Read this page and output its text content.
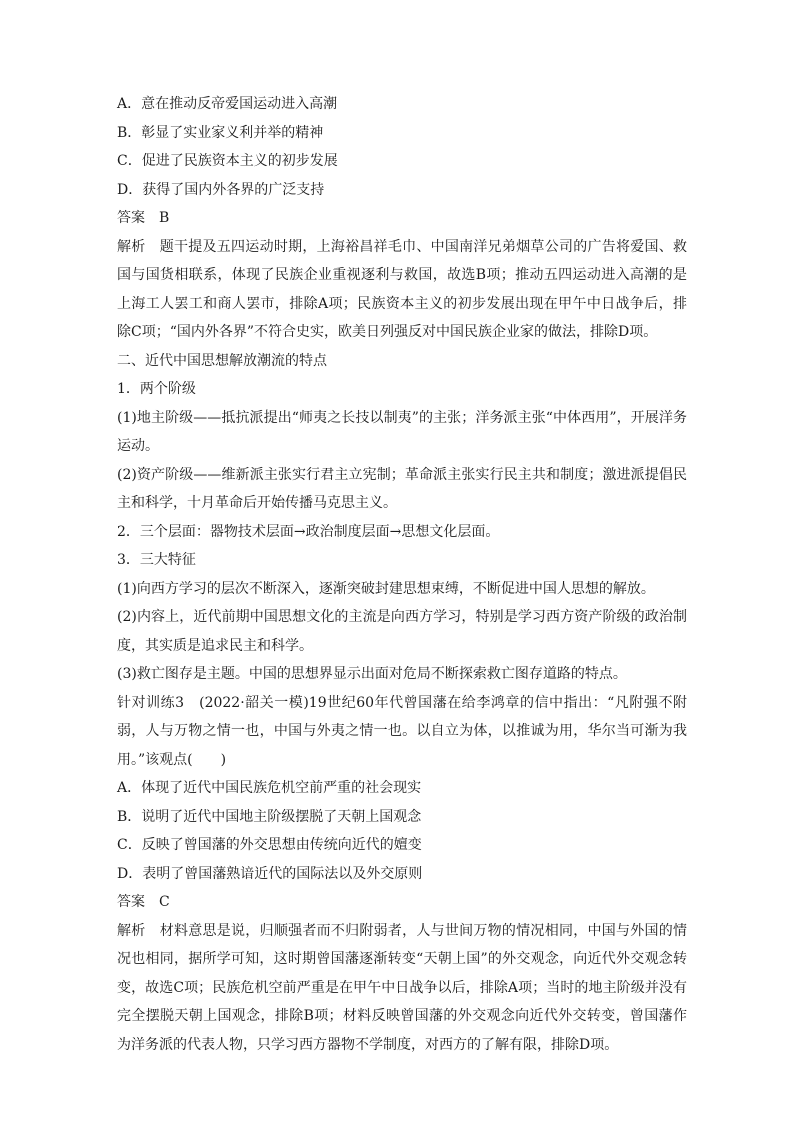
A．意在推动反帝爱国运动进入高潮

B．彰显了实业家义利并举的精神

C．促进了民族资本主义的初步发展

D．获得了国内外各界的广泛支持

答案　B

解析　题干提及五四运动时期，上海裕昌祥毛巾、中国南洋兄弟烟草公司的广告将爱国、救国与国货相联系，体现了民族企业重视逐利与救国，故选B项；推动五四运动进入高潮的是上海工人罢工和商人罢市，排除A项；民族资本主义的初步发展出现在甲午中日战争后，排除C项；“国内外各界”不符合史实，欧美日列强反对中国民族企业家的做法，排除D项。

二、近代中国思想解放潮流的特点

1．两个阶级

(1)地主阶级——抵抗派提出“师夷之长技以制夷”的主张；洋务派主张“中体西用”，开展洋务运动。

(2)资产阶级——维新派主张实行君主立宪制；革命派主张实行民主共和制度；激进派提倡民主和科学，十月革命后开始传播马克思主义。

2．三个层面：器物技术层面→政治制度层面→思想文化层面。

3．三大特征

(1)向西方学习的层次不断深入，逐渐突破封建思想束缚，不断促进中国人思想的解放。

(2)内容上，近代前期中国思想文化的主流是向西方学习，特别是学习西方资产阶级的政治制度，其实质是追求民主和科学。

(3)救亡图存是主题。中国的思想界显示出面对危局不断探索救亡图存道路的特点。

针对训练3　(2022·韶关一模)19世纪60年代曾国藩在给李鸿章的信中指出：“凡附强不附弱，人与万物之情一也，中国与外夷之情一也。以自立为体，以推诚为用，华尔当可渐为我用。”该观点(　　)

A．体现了近代中国民族危机空前严重的社会现实

B．说明了近代中国地主阶级摆脱了天朝上国观念

C．反映了曾国藩的外交思想由传统向近代的嬗变

D．表明了曾国藩熟谙近代的国际法以及外交原则

答案　C

解析　材料意思是说，归顺强者而不归附弱者，人与世间万物的情况相同，中国与外国的情况也相同，据所学可知，这时期曾国藩逐渐转变“天朝上国”的外交观念，向近代外交观念转变，故选C项；民族危机空前严重是在甲午中日战争以后，排除A项；当时的地主阶级并没有完全摆脱天朝上国观念，排除B项；材料反映曾国藩的外交观念向近代外交转变，曾国藩作为洋务派的代表人物，只学习西方器物不学制度，对西方的了解有限，排除D项。
